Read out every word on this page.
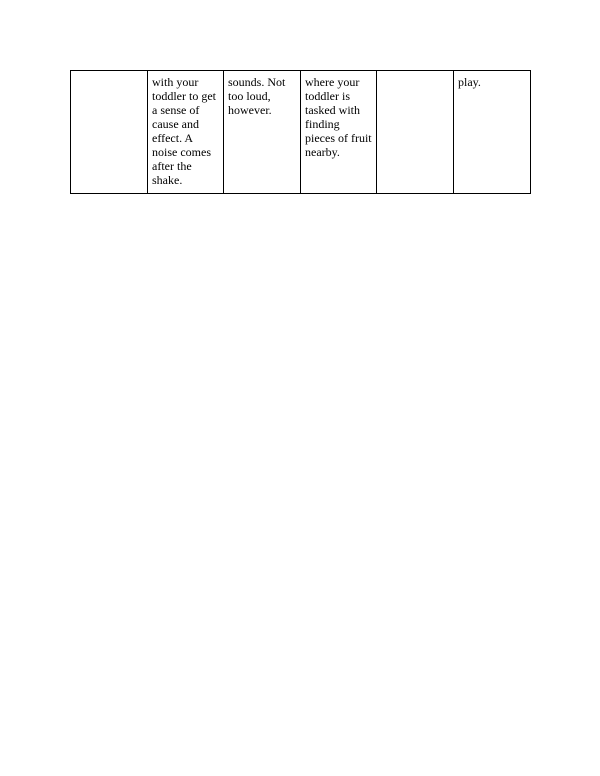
	with your toddler to get a sense of cause and effect. A noise comes after the shake.	sounds. Not too loud, however.	where your toddler is tasked with finding pieces of fruit nearby.		play.
